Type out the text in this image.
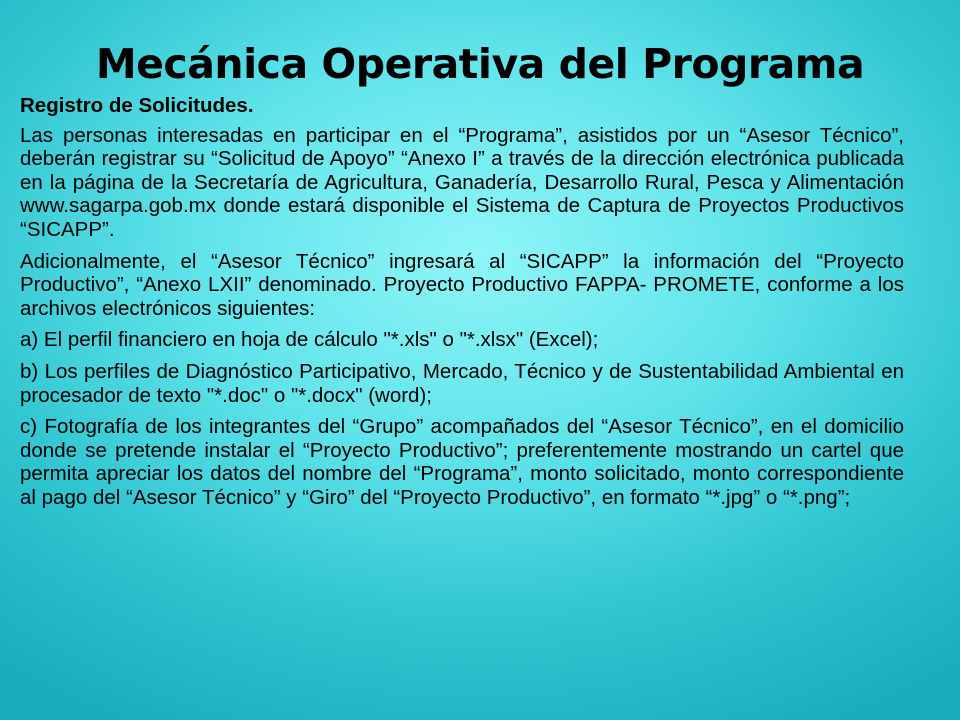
Mecánica Operativa del Programa

Registro de Solicitudes.

Las personas interesadas en participar en el “Programa”, asistidos por un “Asesor Técnico”, deberán registrar su “Solicitud de Apoyo” “Anexo I” a través de la dirección electrónica publicada en la página de la Secretaría de Agricultura, Ganadería, Desarrollo Rural, Pesca y Alimentación www.sagarpa.gob.mx donde estará disponible el Sistema de Captura de Proyectos Productivos “SICAPP”.

Adicionalmente, el “Asesor Técnico” ingresará al “SICAPP” la información del “Proyecto Productivo”, “Anexo LXII” denominado. Proyecto Productivo FAPPA- PROMETE, conforme a los archivos electrónicos siguientes:

a) El perfil financiero en hoja de cálculo "*.xls" o "*.xlsx" (Excel);

b) Los perfiles de Diagnóstico Participativo, Mercado, Técnico y de Sustentabilidad Ambiental en procesador de texto "*.doc" o "*.docx" (word);

c) Fotografía de los integrantes del “Grupo” acompañados del “Asesor Técnico”, en el domicilio donde se pretende instalar el “Proyecto Productivo”; preferentemente mostrando un cartel que permita apreciar los datos del nombre del “Programa”, monto solicitado, monto correspondiente al pago del “Asesor Técnico” y “Giro” del “Proyecto Productivo”, en formato “*.jpg” o “*.png”;
